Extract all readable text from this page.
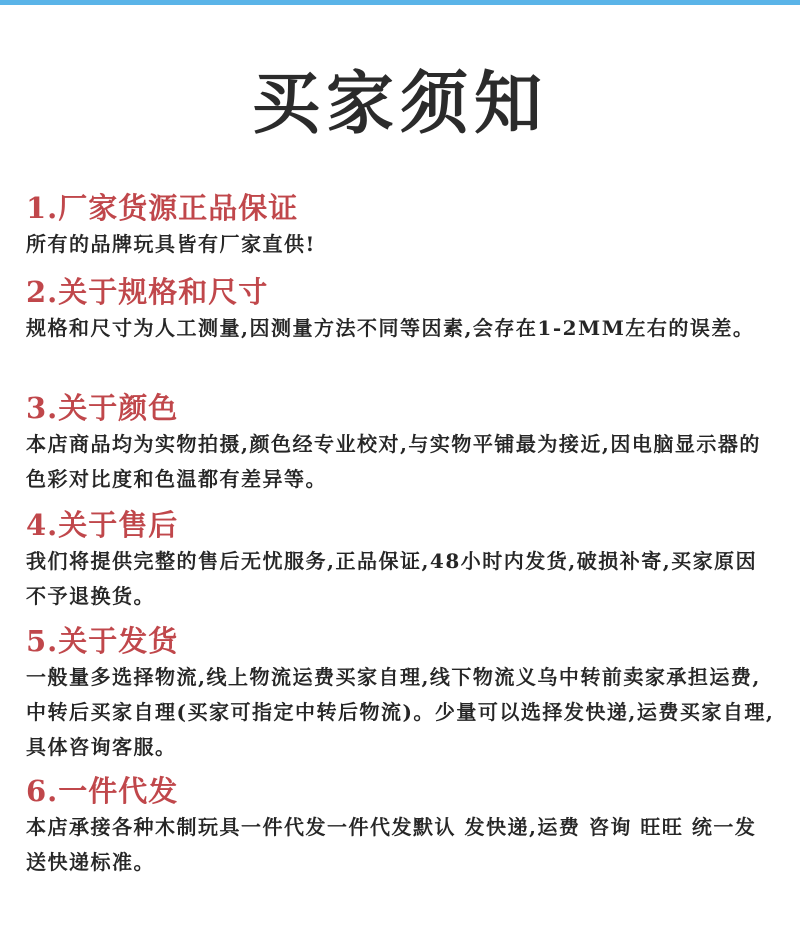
买家须知
1.厂家货源正品保证
所有的品牌玩具皆有厂家直供!
2.关于规格和尺寸
规格和尺寸为人工测量,因测量方法不同等因素,会存在1-2MM左右的误差。
3.关于颜色
本店商品均为实物拍摄,颜色经专业校对,与实物平铺最为接近,因电脑显示器的色彩对比度和色温都有差异等。
4.关于售后
我们将提供完整的售后无忧服务,正品保证,48小时内发货,破损补寄,买家原因不予退换货。
5.关于发货
一般量多选择物流,线上物流运费买家自理,线下物流义乌中转前卖家承担运费,中转后买家自理(买家可指定中转后物流)。少量可以选择发快递,运费买家自理,具体咨询客服。
6.一件代发
本店承接各种木制玩具一件代发一件代发默认 发快递,运费 咨询 旺旺 统一发送快递标准。
